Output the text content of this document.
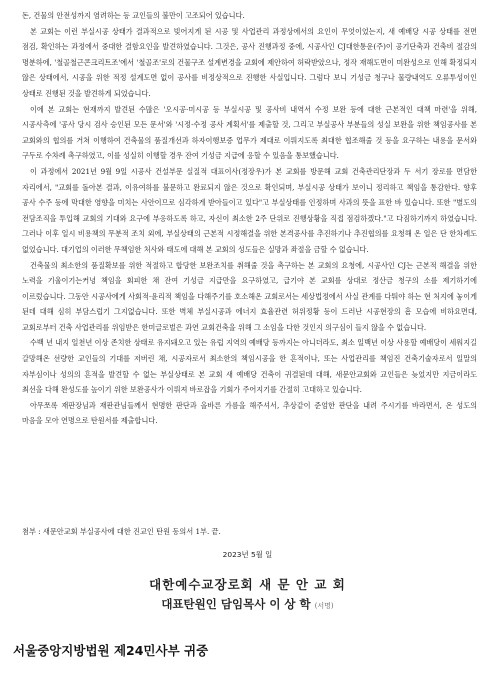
돈, 건물의 안전성까지 염려하는 등 교인들의 불만이 고조되어 있습니다.

본 교회는 이런 부실시공 상태가 결과적으로 빚어지게 된 시공 및 사업관리 과정상에서의 요인이 무엇이었는지, 새 예배당 시공 상태를 전면 점검, 확인하는 과정에서 중대한 결함요인을 발견하였습니다. 그것은, 공사 진행과정 중에, 시공사인 CJ대한통운(주)이 공기단축과 건축비 절감의 명분하에, '철골철근콘크리트조'에서 '철골조'로의 건물구조 설계변경을 교회에 제안하여 허락받았으나, 정작 재해도면이 미완성으로 인해 확정되지 않은 상태에서, 시공을 위한 적정 설계도면 없이 공사를 비정상적으로 진행한 사실입니다. 그럼다 보니 기성금 청구나 물량내역도 오류투성이인 상태로 진행된 것을 발견하게 되었습니다.

이에 본 교회는 현재까지 발견된 수많은 '오시공·미시공 등 부실시공 및 공사비 내역서 수정 보완 등에 대한 근본적인 대책 마련'을 위해, 시공사측에 '공사 당시 검사 승인된 모든 문서'와 '시정·수정 공사 계획서'를 제출할 것, 그리고 부실공사 부분들의 성실 보완을 위한 책임공사를 본 교회와의 협의를 거쳐 이행하여 건축물의 품질개선과 하자이행보증 업무가 제대로 이뤄지도록 최대한 협조해줄 것 등을 요구하는 내용을 문서와 구두로 수차례 촉구하였고, 이를 성실히 이행할 경우 잔여 기성금 지급에 응할 수 있음을 통보했습니다.

이 과정에서 2021년 9월 9일 시공사 건설부문 실질적 대표이사(정장우)가 본 교회를 방문해 교회 건축관리단장과 두 서기 장로를 면담한 자리에서, "교회를 돌아본 결과, 이유여하를 불문하고 완료되지 않은 것으로 확인되며, 부실시공 상태가 보이니 정리하고 책임을 통감한다. 향후 공사 수주 등에 막대한 영향을 미치는 사안이므로 심각하게 받아들이고 있다"고 부실상태를 인정하며 사과의 뜻을 표한 바 있습니다. 또한 "별도의 전담조직을 투입해 교회의 기대와 요구에 부응하도록 하고, 자신이 최소한 2주 단위로 진행상황을 직접 점검하겠다."고 다짐하기까지 하였습니다. 그러나 이후 일시 비용책의 무분적 조치 외에, 부실상태의 근본적 시정해결을 위한 본격공사를 추진하기나 추진협의를 요청해 온 일은 단 한차례도 없었습니다. 대기업의 이러한 무책임한 처사와 태도에 대해 본 교회의 성도들은 실망과 좌절을 금할 수 없습니다.

건축물의 최소한의 품질확보를 위한 적절하고 합당한 보완조치를 취해줄 것을 촉구하는 본 교회의 요청에, 시공사인 CJ는 근본적 해결을 위한 노력을 기울이기는커녕 책임을 회피한 채 잔여 기성금 지급만을 요구하였고, 급기야 본 교회를 상대로 정산금 청구의 소를 제기하기에 이르렀습니다. 그동안 시공사에게 사회적·윤리적 책임을 다해주기를 호소해온 교회로서는 세상법정에서 사실 관계를 다퉈야 하는 현 처지에 놓이게 된데 대해 심히 부담스럽기 그지없습니다. 또한 벽체 부실시공과 에너지 효율관련 허위정황 등이 드러난 시공현장의 흠 모습에 비하요면대, 교회로부터 건축 사업관리를 위임받은 한미글로벌은 과연 교회건축을 위해 그 소임을 다한 것인지 의구심이 들지 않을 수 없습니다.

수백 년 내지 일천년 이상 존치한 상태로 유지돼오고 있는 유럽 지역의 예배당 등까지는 아니더라도, 최소 일백년 이상 사용할 예배당이 세워지길 갈망해온 선량한 교인들의 기대를 저버린 채, 시공자로서 최소한의 책임시공을 한 흔적이나, 또는 사업관리를 책임진 건축기술자로서 일말의 자부심이나 성의의 흔적을 발견할 수 없는 부실상태로 본 교회 새 예배당 건축이 귀결된데 대해, 새문안교회와 교인들은 늦었지만 지금이라도 최선을 다해 완성도를 높이기 위한 보완공사가 이뤄져 바로잡을 기회가 주어지기를 간절히 고대하고 있습니다.

아무쪼록 재판장님과 재판관님들께서 현명한 판단과 올바른 가름을 해주셔서, 추상같이 준엄한 판단을 내려 주시기를 바라면서, 온 성도의 마음을 모아 연명으로 탄원서를 제출합니다.

첨부 : 새문안교회 부실공사에 대한 진교인 탄원 동의서 1부. 끝.
2023년 5월 일
대한예수교장로회 새 문 안 교 회
대표탄원인 담임목사 이 상 학 (서명)
서울중앙지방법원 제24민사부 귀중
